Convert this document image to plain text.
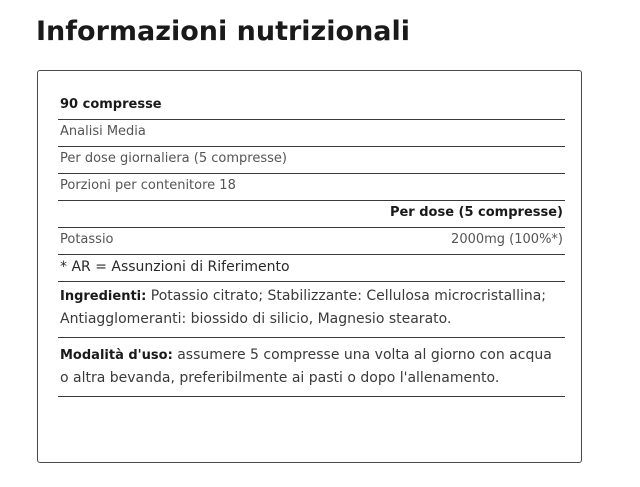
Informazioni nutrizionali
90 compresse
Analisi Media
Per dose giornaliera (5 compresse)
Porzioni per contenitore 18
Per dose (5 compresse)
Potassio	2000mg (100%*)
* AR = Assunzioni di Riferimento
Ingredienti: Potassio citrato; Stabilizzante: Cellulosa microcristallina; Antiagglomeranti: biossido di silicio, Magnesio stearato.
Modalità d'uso: assumere 5 compresse una volta al giorno con acqua o altra bevanda, preferibilmente ai pasti o dopo l'allenamento.
